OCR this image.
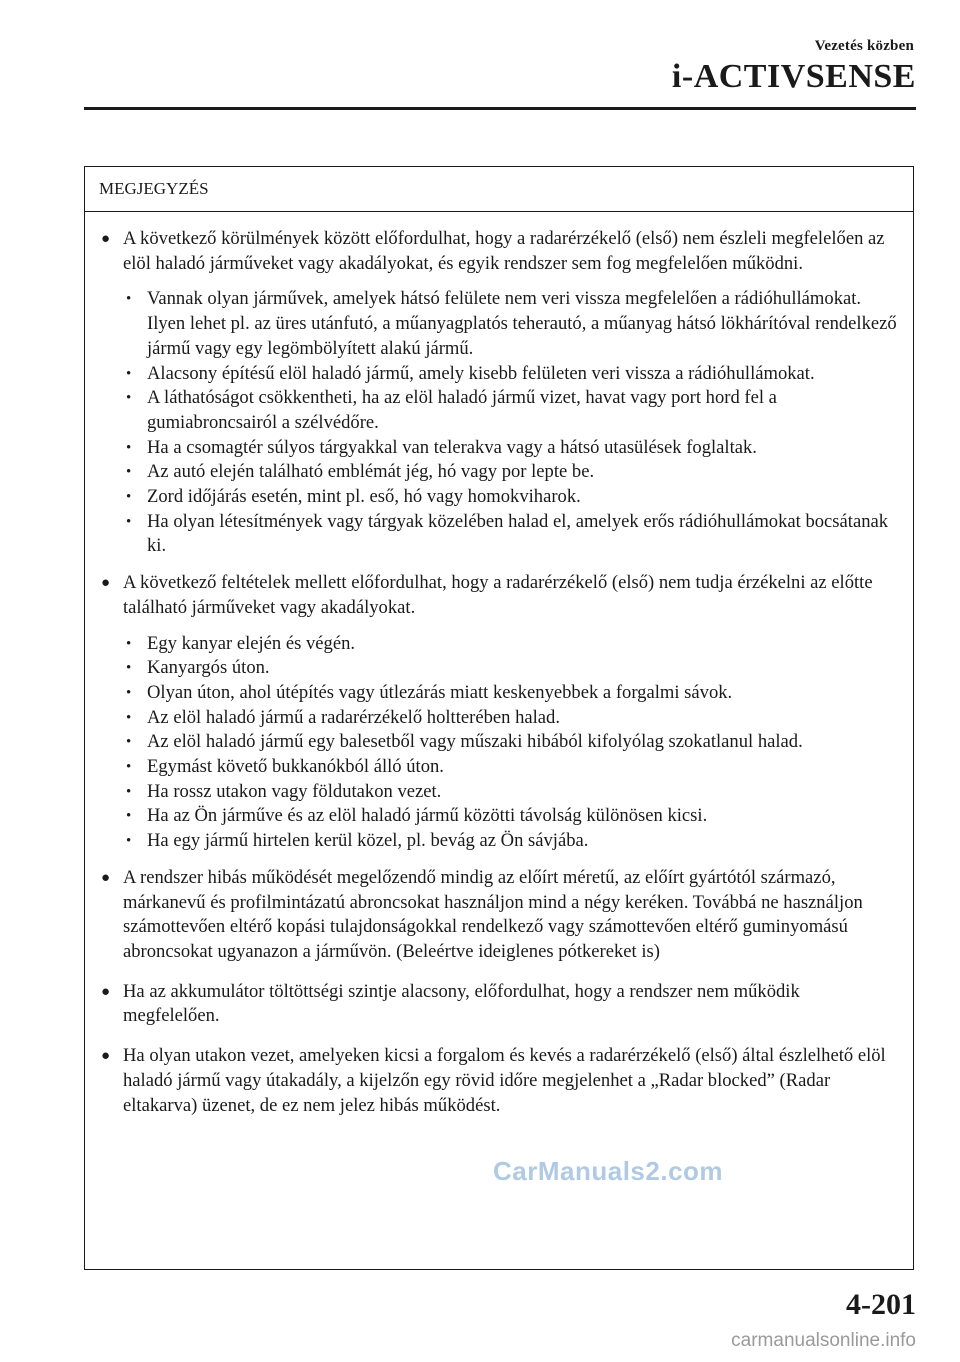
Vezetés közben
i-ACTIVSENSE
MEGJEGYZÉS
● A következő körülmények között előfordulhat, hogy a radarérzékelő (első) nem észleli megfelelően az elöl haladó járműveket vagy akadályokat, és egyik rendszer sem fog megfelelően működni.
• Vannak olyan járművek, amelyek hátsó felülete nem veri vissza megfelelően a rádióhullámokat. Ilyen lehet pl. az üres utánfutó, a műanyagplatós teherautó, a műanyag hátsó lökhárítóval rendelkező jármű vagy egy legömbölyített alakú jármű.
• Alacsony építésű elöl haladó jármű, amely kisebb felületen veri vissza a rádióhullámokat.
• A láthatóságot csökkentheti, ha az elöl haladó jármű vizet, havat vagy port hord fel a gumiabroncsairól a szélvédőre.
• Ha a csomagtér súlyos tárgyakkal van telerakva vagy a hátsó utasülések foglaltak.
• Az autó elején található emblémát jég, hó vagy por lepte be.
• Zord időjárás esetén, mint pl. eső, hó vagy homokviharok.
• Ha olyan létesítmények vagy tárgyak közelében halad el, amelyek erős rádióhullámokat bocsátanak ki.
● A következő feltételek mellett előfordulhat, hogy a radarérzékelő (első) nem tudja érzékelni az előtte található járműveket vagy akadályokat.
• Egy kanyar elején és végén.
• Kanyargós úton.
• Olyan úton, ahol útépítés vagy útlezárás miatt keskenyebbek a forgalmi sávok.
• Az elöl haladó jármű a radarérzékelő holtterében halad.
• Az elöl haladó jármű egy balesetből vagy műszaki hibából kifolyólag szokatlanul halad.
• Egymást követő bukkanókból álló úton.
• Ha rossz utakon vagy földutakon vezet.
• Ha az Ön járműve és az elöl haladó jármű közötti távolság különösen kicsi.
• Ha egy jármű hirtelen kerül közel, pl. bevág az Ön sávjába.
● A rendszer hibás működését megelőzendő mindig az előírt méretű, az előírt gyártótól származó, márkanevű és profilmintázatú abroncsokat használjon mind a négy keréken. Továbbá ne használjon számottevően eltérő kopási tulajdonságokkal rendelkező vagy számottevően eltérő guminyomású abroncsokat ugyanazon a járművön. (Beleértve ideiglenes pótkereket is)
● Ha az akkumulátor töltöttségi szintje alacsony, előfordulhat, hogy a rendszer nem működik megfelelően.
● Ha olyan utakon vezet, amelyeken kicsi a forgalom és kevés a radarérzékelő (első) által észlelhető elöl haladó jármű vagy útakadály, a kijelzőn egy rövid időre megjelenhet a „Radar blocked” (Radar eltakarva) üzenet, de ez nem jelez hibás működést.
4-201
CarManuals2.com
carmanualsonline.info
